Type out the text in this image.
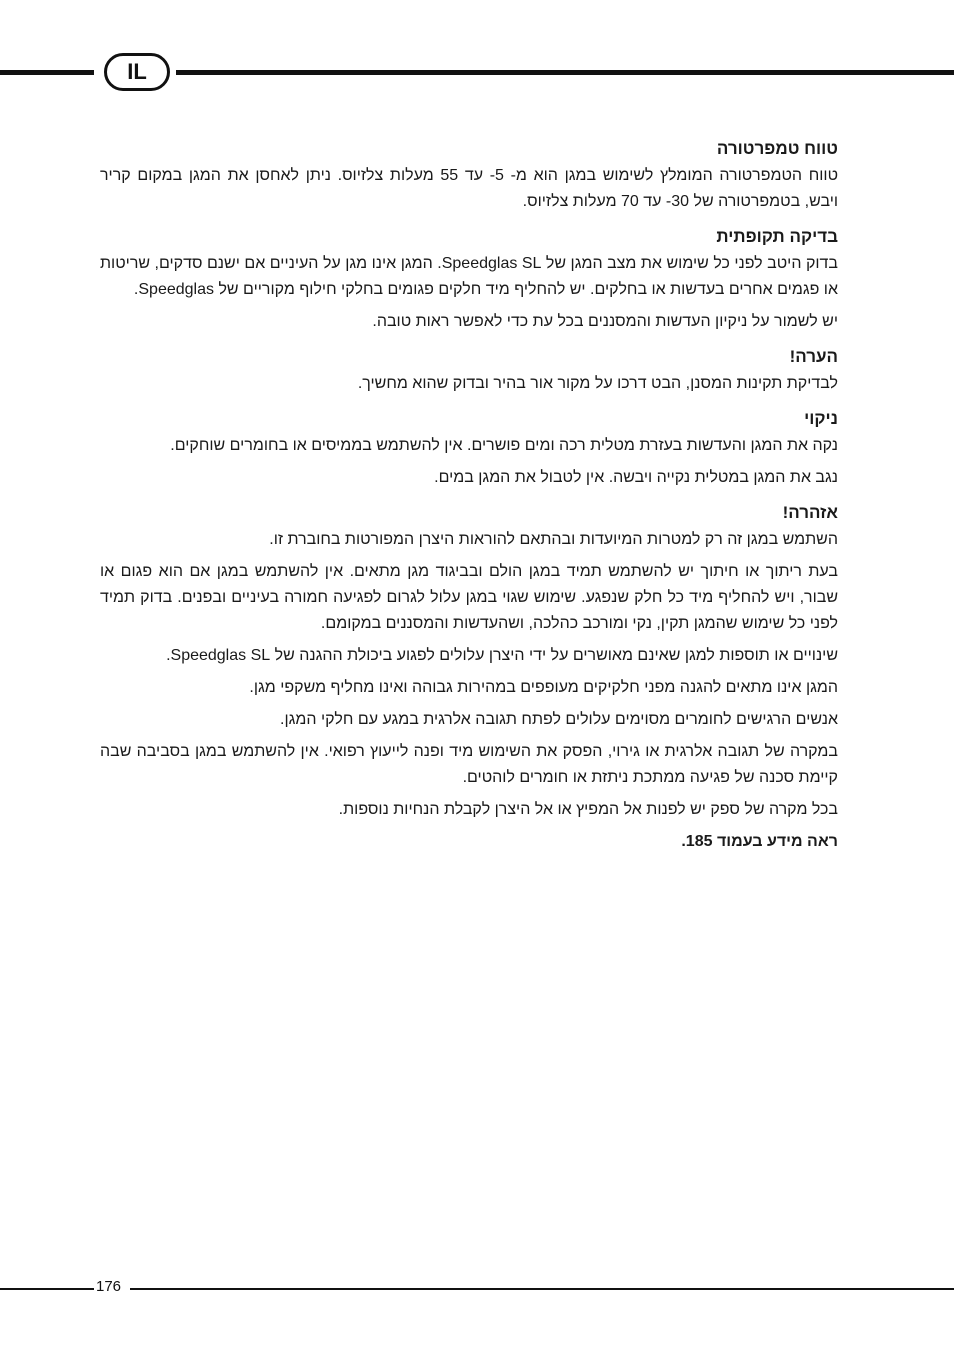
IL
טווח טמפרטורה

טווח הטמפרטורה המומלץ לשימוש במגן הוא מ- 5- עד 55 מעלות צלזיוס. ניתן לאחסן את המגן במקום קריר ויבש, בטמפרטורה של 30- עד 70 מעלות צלזיוס.

בדיקה תקופתית

בדוק היטב לפני כל שימוש את מצב המגן של Speedglas SL. המגן אינו מגן על העיניים אם ישנם סדקים, שריטות או פגמים אחרים בעדשות או בחלקים. יש להחליף מיד חלקים פגומים בחלקי חילוף מקוריים של Speedglas.

יש לשמור על ניקיון העדשות והמסננים בכל עת כדי לאפשר ראות טובה.

הערה!

לבדיקת תקינות המסנן, הבט דרכו על מקור אור בהיר ובדוק שהוא מחשיך.

ניקוי

נקה את המגן והעדשות בעזרת מטלית רכה ומים פושרים. אין להשתמש בממיסים או בחומרים שוחקים.

נגב את המגן במטלית נקייה ויבשה. אין לטבול את המגן במים.

אזהרה!

השתמש במגן זה רק למטרות המיועדות ובהתאם להוראות היצרן המפורטות בחוברת זו.

בעת ריתוך או חיתוך יש להשתמש תמיד במגן הולם ובביגוד מגן מתאים. אין להשתמש במגן אם הוא פגום או שבור, ויש להחליף מיד כל חלק שנפגע. שימוש שגוי במגן עלול לגרום לפגיעה חמורה בעיניים ובפנים. בדוק תמיד לפני כל שימוש שהמגן תקין, נקי ומורכב כהלכה, ושהעדשות והמסננים במקומם.

שינויים או תוספות למגן שאינם מאושרים על ידי היצרן עלולים לפגוע ביכולת ההגנה של Speedglas SL.

המגן אינו מתאים להגנה מפני חלקיקים מעופפים במהירות גבוהה ואינו מחליף משקפי מגן.

אנשים הרגישים לחומרים מסוימים עלולים לפתח תגובה אלרגית במגע עם חלקי המגן.

במקרה של תגובה אלרגית או גירוי, הפסק את השימוש מיד ופנה לייעוץ רפואי. אין להשתמש במגן בסביבה שבה קיימת סכנה של פגיעה ממתכת ניתזת או חומרים לוהטים.

בכל מקרה של ספק יש לפנות אל המפיץ או אל היצרן לקבלת הנחיות נוספות.

ראה מידע בעמוד 185.

176
